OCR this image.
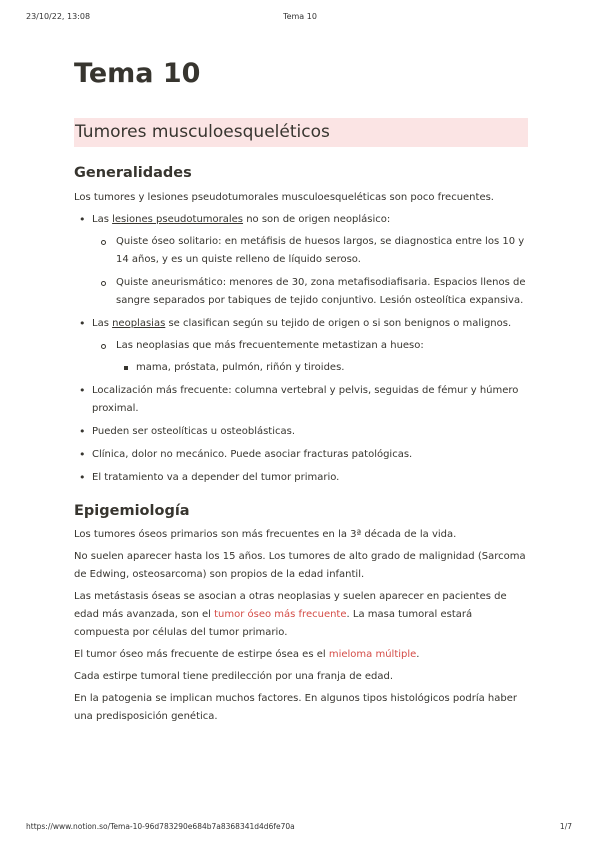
23/10/22, 13:08	Tema 10
Tema 10
Tumores musculoesqueléticos
Generalidades

Los tumores y lesiones pseudotumorales musculoesqueléticas son poco frecuentes.

• Las lesiones pseudotumorales no son de origen neoplásico:
Quiste óseo solitario: en metáfisis de huesos largos, se diagnostica entre los 10 y 14 años, y es un quiste relleno de líquido seroso.
Quiste aneurismático: menores de 30, zona metafisodiafisaria. Espacios llenos de sangre separados por tabiques de tejido conjuntivo. Lesión osteolítica expansiva.
• Las neoplasias se clasifican según su tejido de origen o si son benignos o malignos.
Las neoplasias que más frecuentemente metastizan a hueso:
mama, próstata, pulmón, riñón y tiroides.
• Localización más frecuente: columna vertebral y pelvis, seguidas de fémur y húmero proximal.
• Pueden ser osteolíticas u osteoblásticas.
• Clínica, dolor no mecánico. Puede asociar fracturas patológicas.
• El tratamiento va a depender del tumor primario.
Epigemiología

Los tumores óseos primarios son más frecuentes en la 3ª década de la vida.

No suelen aparecer hasta los 15 años. Los tumores de alto grado de malignidad (Sarcoma de Edwing, osteosarcoma) son propios de la edad infantil.

Las metástasis óseas se asocian a otras neoplasias y suelen aparecer en pacientes de edad más avanzada, son el tumor óseo más frecuente. La masa tumoral estará compuesta por células del tumor primario.

El tumor óseo más frecuente de estirpe ósea es el mieloma múltiple.

Cada estirpe tumoral tiene predilección por una franja de edad.

En la patogenia se implican muchos factores. En algunos tipos histológicos podría haber una predisposición genética.

https://www.notion.so/Tema-10-96d783290e684b7a8368341d4d6fe70a	1/7
